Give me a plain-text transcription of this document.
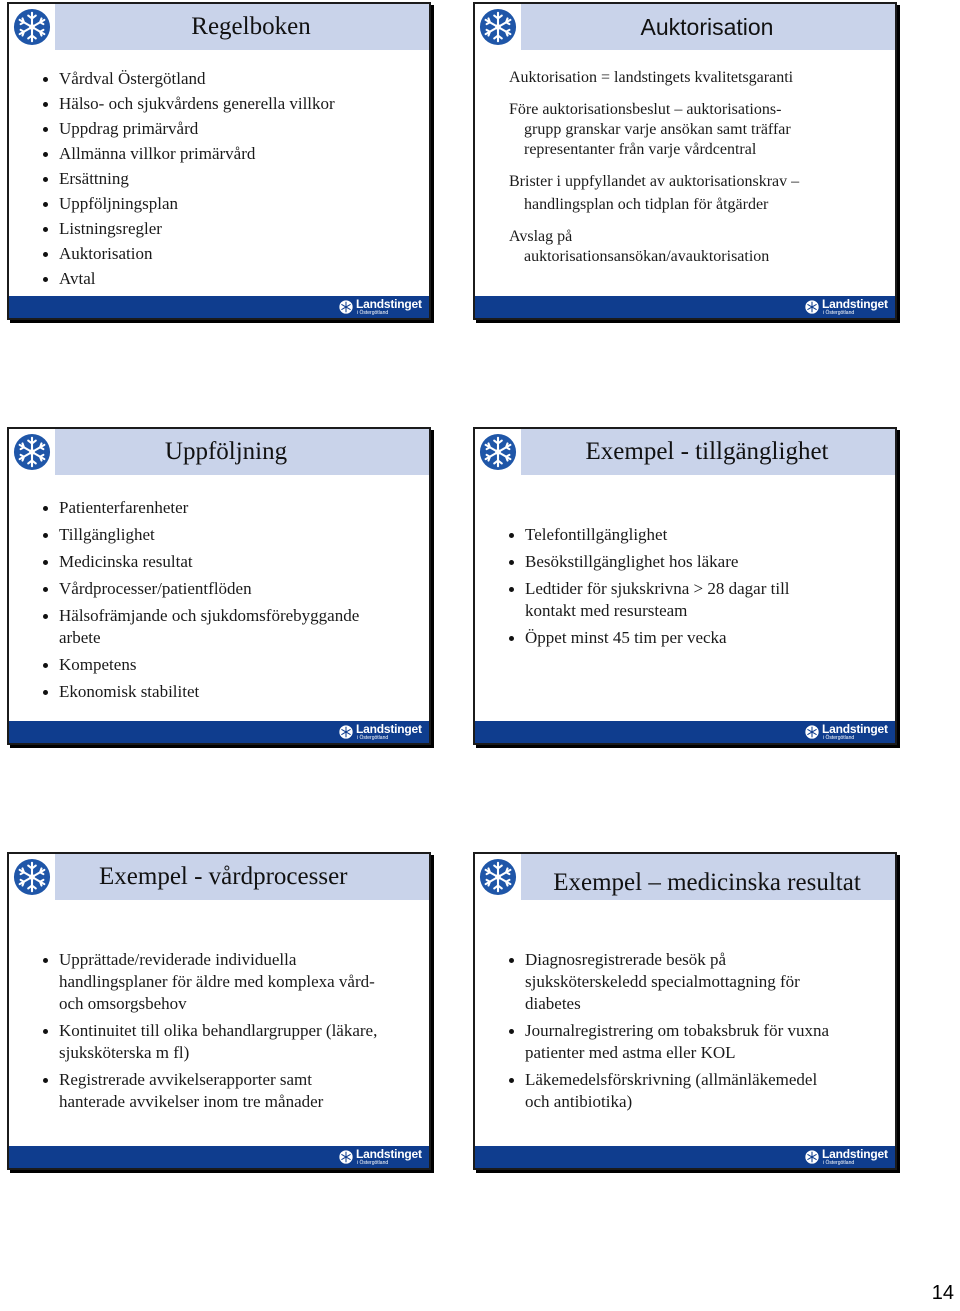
Regelboken
Vårdval Östergötland
Hälso- och sjukvårdens generella villkor
Uppdrag primärvård
Allmänna villkor primärvård
Ersättning
Uppföljningsplan
Listningsregler
Auktorisation
Avtal
Landstinget
i Östergötland
Auktorisation
Auktorisation = landstingets kvalitetsgaranti
Före auktorisationsbeslut – auktorisations-
grupp granskar varje ansökan samt träffar
representanter från varje vårdcentral
Brister i uppfyllandet av auktorisationskrav –
handlingsplan och tidplan för åtgärder
Avslag på
auktorisationsansökan/avauktorisation
Landstinget
i Östergötland
Uppföljning
Patienterfarenheter
Tillgänglighet
Medicinska resultat
Vårdprocesser/patientflöden
Hälsofrämjande och sjukdomsförebyggande arbete
Kompetens
Ekonomisk stabilitet
Landstinget
i Östergötland
Exempel - tillgänglighet
Telefontillgänglighet
Besökstillgänglighet hos läkare
Ledtider för sjukskrivna > 28 dagar till kontakt med resursteam
Öppet minst 45 tim per vecka
Landstinget
i Östergötland
Exempel - vårdprocesser
Upprättade/reviderade individuella handlingsplaner för äldre med komplexa vård- och omsorgsbehov
Kontinuitet till olika behandlargrupper (läkare, sjuksköterska m fl)
Registrerade avvikelserapporter samt hanterade avvikelser inom tre månader
Landstinget
i Östergötland
Exempel – medicinska resultat
Diagnosregistrerade besök på sjuksköterskeledd specialmottagning för diabetes
Journalregistrering om tobaksbruk för vuxna patienter med astma eller KOL
Läkemedelsförskrivning (allmänläkemedel och antibiotika)
Landstinget
i Östergötland
14
